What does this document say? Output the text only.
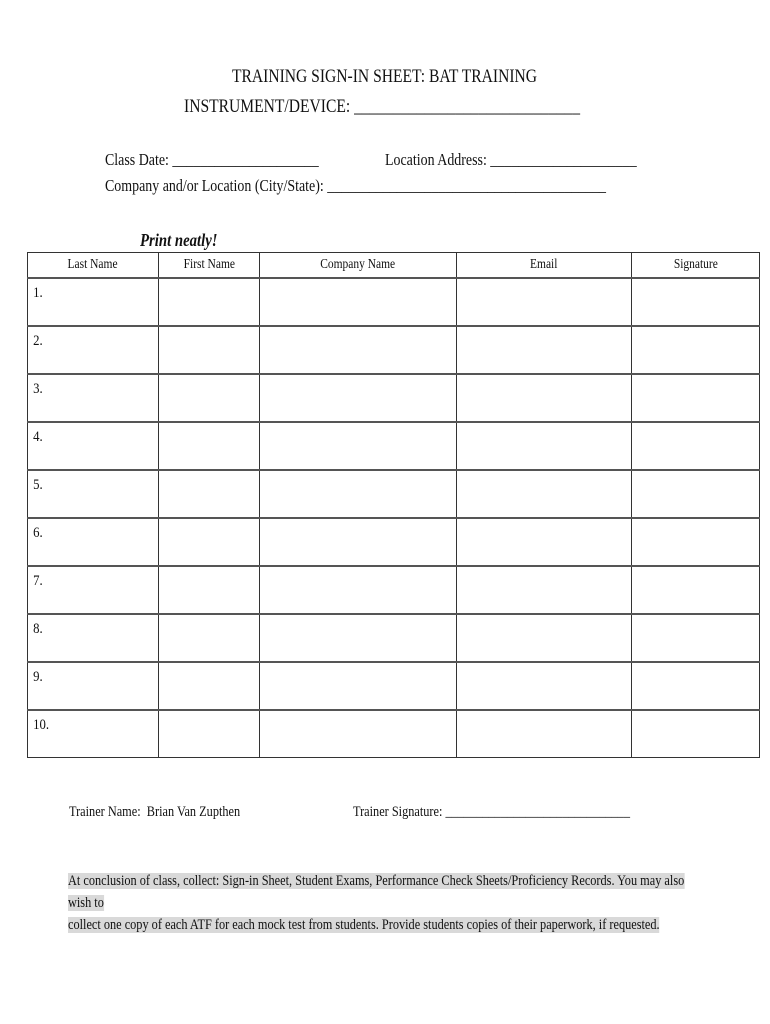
TRAINING SIGN-IN SHEET: BAT TRAINING
INSTRUMENT/DEVICE: _____________________________
Class Date: _____________________	Location Address: _____________________
Company and/or Location (City/State): ________________________________________
Print neatly!
Last Name	First Name	Company Name	Email	Signature
1.				
2.				
3.				
4.				
5.				
6.				
7.				
8.				
9.				
10.				
Trainer Name:  Brian Van Zupthen	Trainer Signature: ______________________________
At conclusion of class, collect: Sign-in Sheet, Student Exams, Performance Check Sheets/Proficiency Records. You may also wish to
collect one copy of each ATF for each mock test from students. Provide students copies of their paperwork, if requested.
